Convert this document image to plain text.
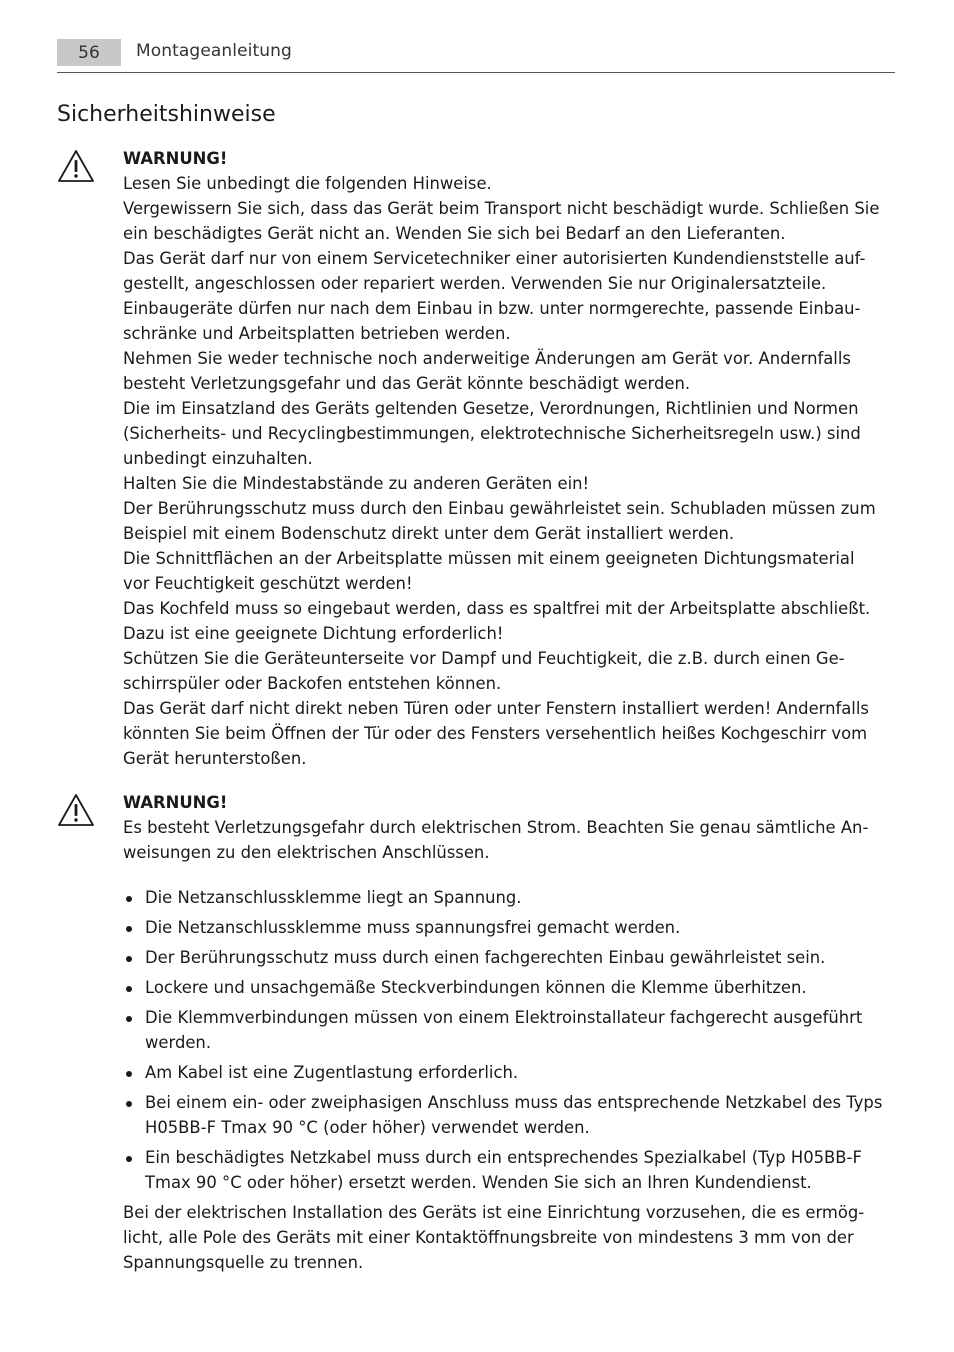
56	Montageanleitung
Sicherheitshinweise
WARNUNG!
Lesen Sie unbedingt die folgenden Hinweise.
Vergewissern Sie sich, dass das Gerät beim Transport nicht beschädigt wurde. Schließen Sie
ein beschädigtes Gerät nicht an. Wenden Sie sich bei Bedarf an den Lieferanten.
Das Gerät darf nur von einem Servicetechniker einer autorisierten Kundendienststelle auf-
gestellt, angeschlossen oder repariert werden. Verwenden Sie nur Originalersatzteile.
Einbaugeräte dürfen nur nach dem Einbau in bzw. unter normgerechte, passende Einbau-
schränke und Arbeitsplatten betrieben werden.
Nehmen Sie weder technische noch anderweitige Änderungen am Gerät vor. Andernfalls
besteht Verletzungsgefahr und das Gerät könnte beschädigt werden.
Die im Einsatzland des Geräts geltenden Gesetze, Verordnungen, Richtlinien und Normen
(Sicherheits- und Recyclingbestimmungen, elektrotechnische Sicherheitsregeln usw.) sind
unbedingt einzuhalten.
Halten Sie die Mindestabstände zu anderen Geräten ein!
Der Berührungsschutz muss durch den Einbau gewährleistet sein. Schubladen müssen zum
Beispiel mit einem Bodenschutz direkt unter dem Gerät installiert werden.
Die Schnittflächen an der Arbeitsplatte müssen mit einem geeigneten Dichtungsmaterial
vor Feuchtigkeit geschützt werden!
Das Kochfeld muss so eingebaut werden, dass es spaltfrei mit der Arbeitsplatte abschließt.
Dazu ist eine geeignete Dichtung erforderlich!
Schützen Sie die Geräteunterseite vor Dampf und Feuchtigkeit, die z.B. durch einen Ge-
schirrspüler oder Backofen entstehen können.
Das Gerät darf nicht direkt neben Türen oder unter Fenstern installiert werden! Andernfalls
könnten Sie beim Öffnen der Tür oder des Fensters versehentlich heißes Kochgeschirr vom
Gerät herunterstoßen.
WARNUNG!
Es besteht Verletzungsgefahr durch elektrischen Strom. Beachten Sie genau sämtliche An-
weisungen zu den elektrischen Anschlüssen.
Die Netzanschlussklemme liegt an Spannung.
Die Netzanschlussklemme muss spannungsfrei gemacht werden.
Der Berührungsschutz muss durch einen fachgerechten Einbau gewährleistet sein.
Lockere und unsachgemäße Steckverbindungen können die Klemme überhitzen.
Die Klemmverbindungen müssen von einem Elektroinstallateur fachgerecht ausgeführt
werden.
Am Kabel ist eine Zugentlastung erforderlich.
Bei einem ein- oder zweiphasigen Anschluss muss das entsprechende Netzkabel des Typs
H05BB-F Tmax 90 °C (oder höher) verwendet werden.
Ein beschädigtes Netzkabel muss durch ein entsprechendes Spezialkabel (Typ H05BB-F
Tmax 90 °C oder höher) ersetzt werden. Wenden Sie sich an Ihren Kundendienst.
Bei der elektrischen Installation des Geräts ist eine Einrichtung vorzusehen, die es ermög-
licht, alle Pole des Geräts mit einer Kontaktöffnungsbreite von mindestens 3 mm von der
Spannungsquelle zu trennen.
